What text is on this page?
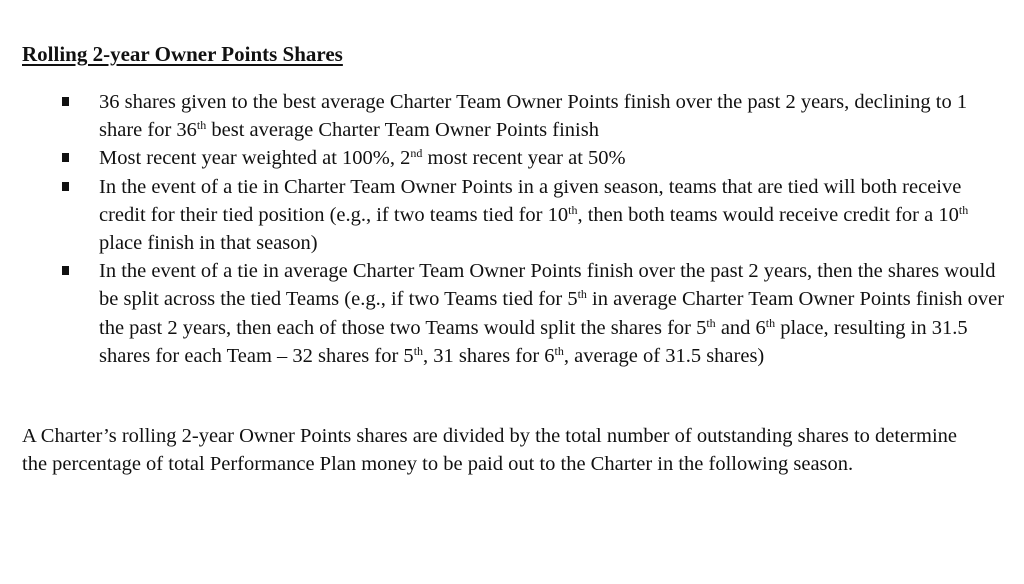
Rolling 2-year Owner Points Shares
36 shares given to the best average Charter Team Owner Points finish over the past 2 years, declining to 1 share for 36th best average Charter Team Owner Points finish
Most recent year weighted at 100%, 2nd most recent year at 50%
In the event of a tie in Charter Team Owner Points in a given season, teams that are tied will both receive credit for their tied position (e.g., if two teams tied for 10th, then both teams would receive credit for a 10th place finish in that season)
In the event of a tie in average Charter Team Owner Points finish over the past 2 years, then the shares would be split across the tied Teams (e.g., if two Teams tied for 5th in average Charter Team Owner Points finish over the past 2 years, then each of those two Teams would split the shares for 5th and 6th place, resulting in 31.5 shares for each Team – 32 shares for 5th, 31 shares for 6th, average of 31.5 shares)

A Charter’s rolling 2-year Owner Points shares are divided by the total number of outstanding shares to determine the percentage of total Performance Plan money to be paid out to the Charter in the following season.
